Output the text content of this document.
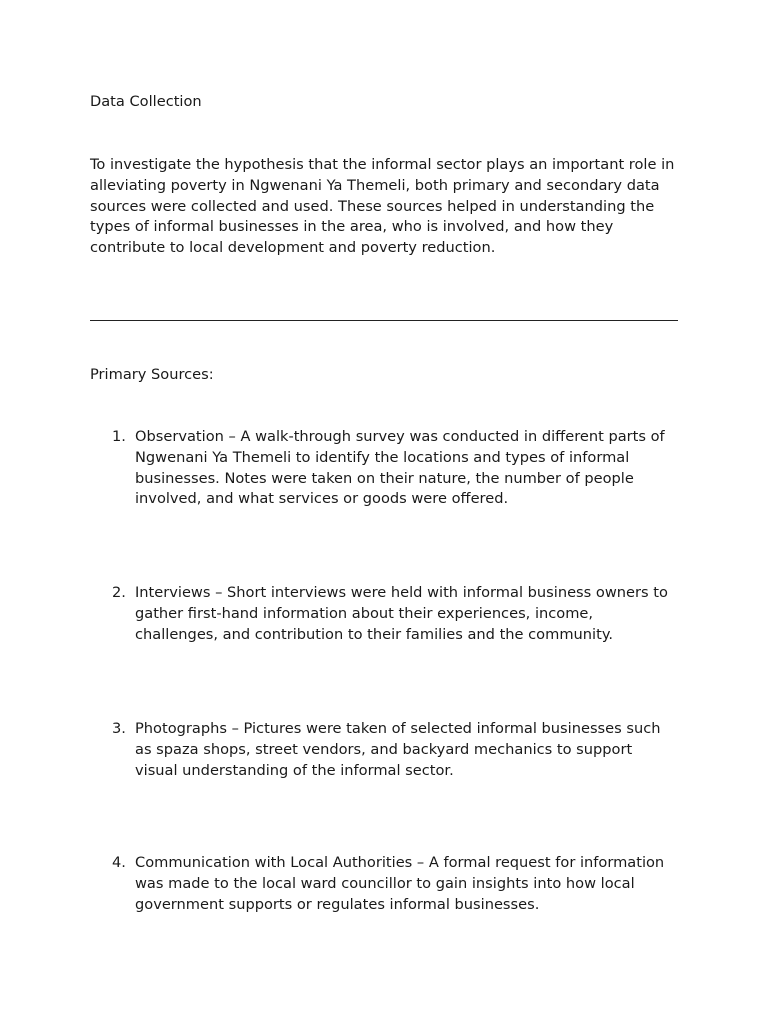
Data Collection

To investigate the hypothesis that the informal sector plays an important role in alleviating poverty in Ngwenani Ya Themeli, both primary and secondary data sources were collected and used. These sources helped in understanding the types of informal businesses in the area, who is involved, and how they contribute to local development and poverty reduction.

Primary Sources:

1. Observation – A walk-through survey was conducted in different parts of Ngwenani Ya Themeli to identify the locations and types of informal businesses. Notes were taken on their nature, the number of people involved, and what services or goods were offered.

2. Interviews – Short interviews were held with informal business owners to gather first-hand information about their experiences, income, challenges, and contribution to their families and the community.

3. Photographs – Pictures were taken of selected informal businesses such as spaza shops, street vendors, and backyard mechanics to support visual understanding of the informal sector.

4. Communication with Local Authorities – A formal request for information was made to the local ward councillor to gain insights into how local government supports or regulates informal businesses.
